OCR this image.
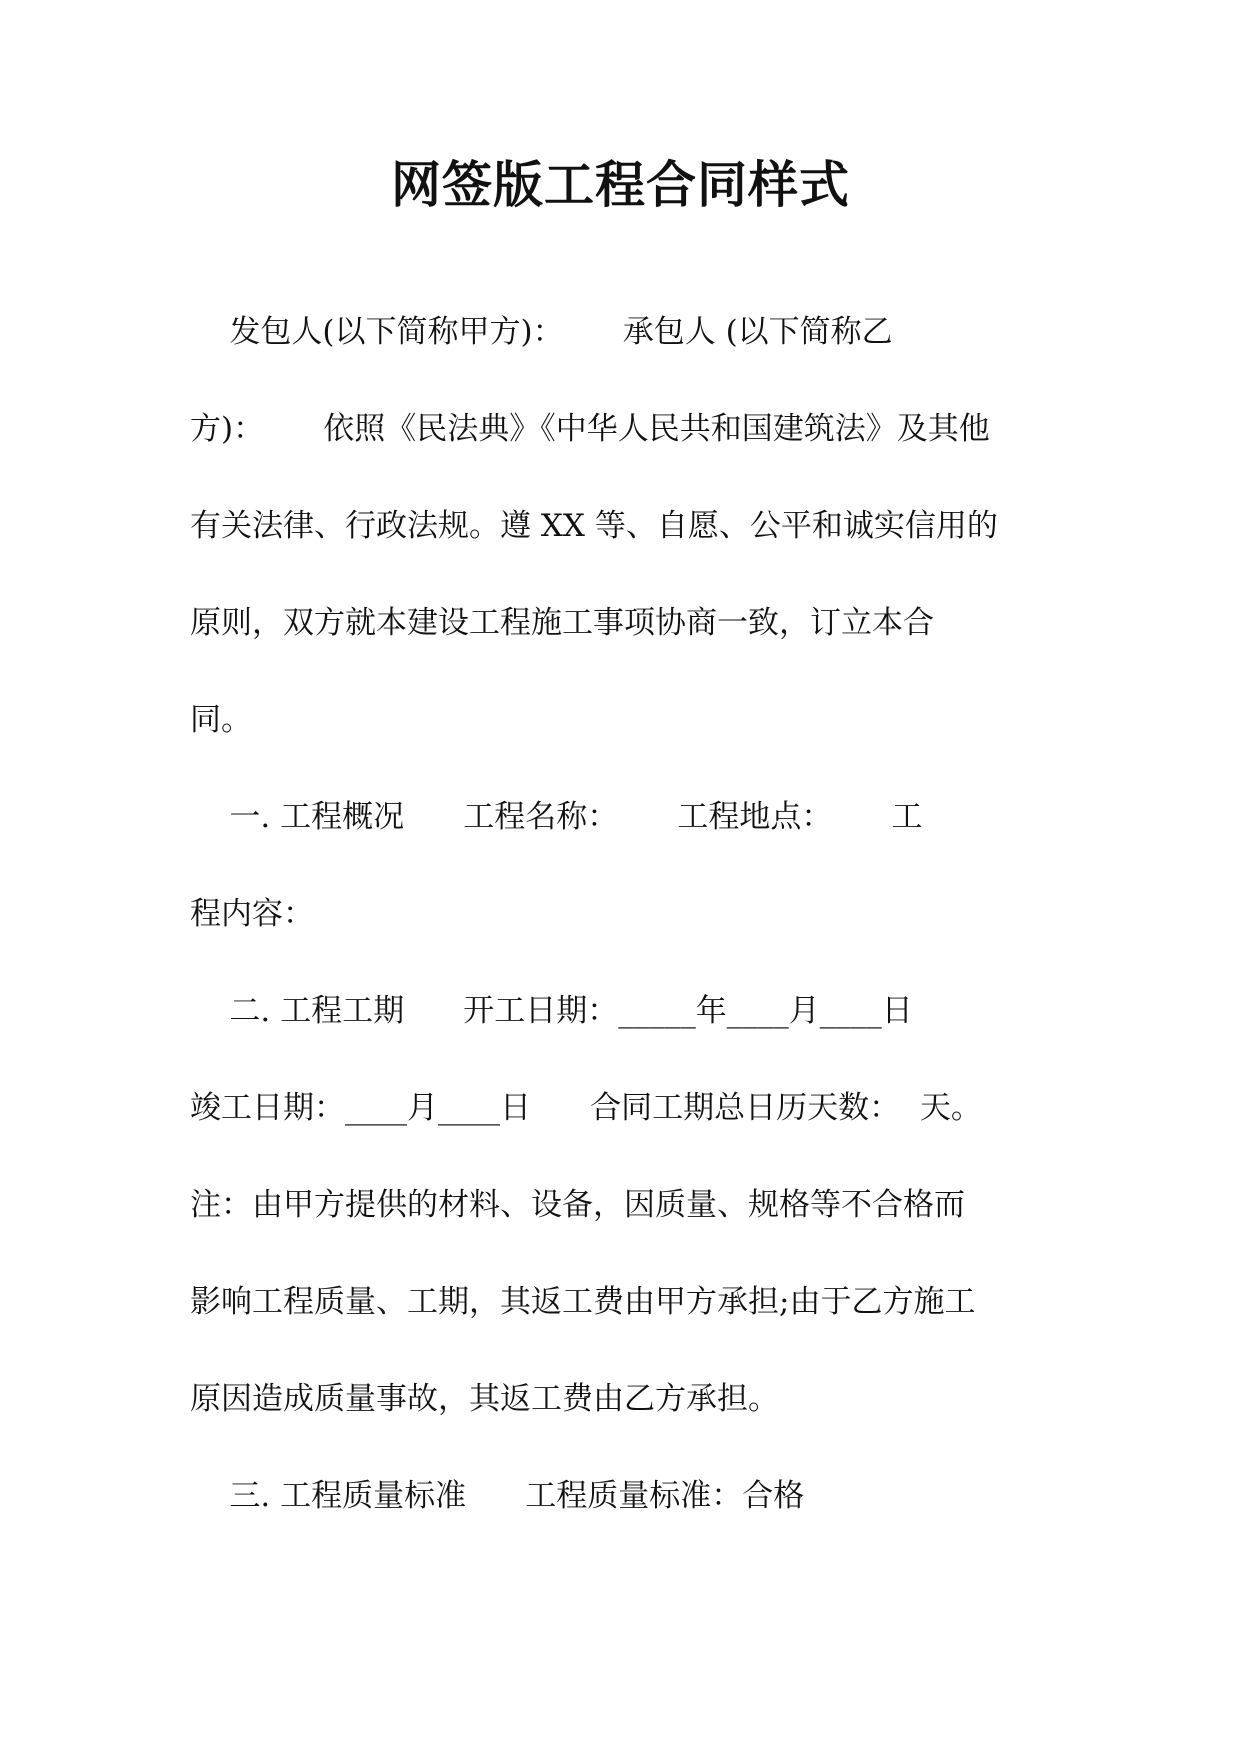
网签版工程合同样式
发包人(以下简称甲方)：      承包人 (以下简称乙
方)：      依照《民法典》《中华人民共和国建筑法》及其他
有关法律、行政法规。遵 XX 等、自愿、公平和诚实信用的
原则，双方就本建设工程施工事项协商一致，订立本合
同。
一. 工程概况      工程名称：      工程地点：      工
程内容：
二. 工程工期      开工日期：_____年____月____日
竣工日期：____月____日      合同工期总日历天数：  天。
注：由甲方提供的材料、设备，因质量、规格等不合格而
影响工程质量、工期，其返工费由甲方承担;由于乙方施工
原因造成质量事故，其返工费由乙方承担。
三. 工程质量标准      工程质量标准：合格
